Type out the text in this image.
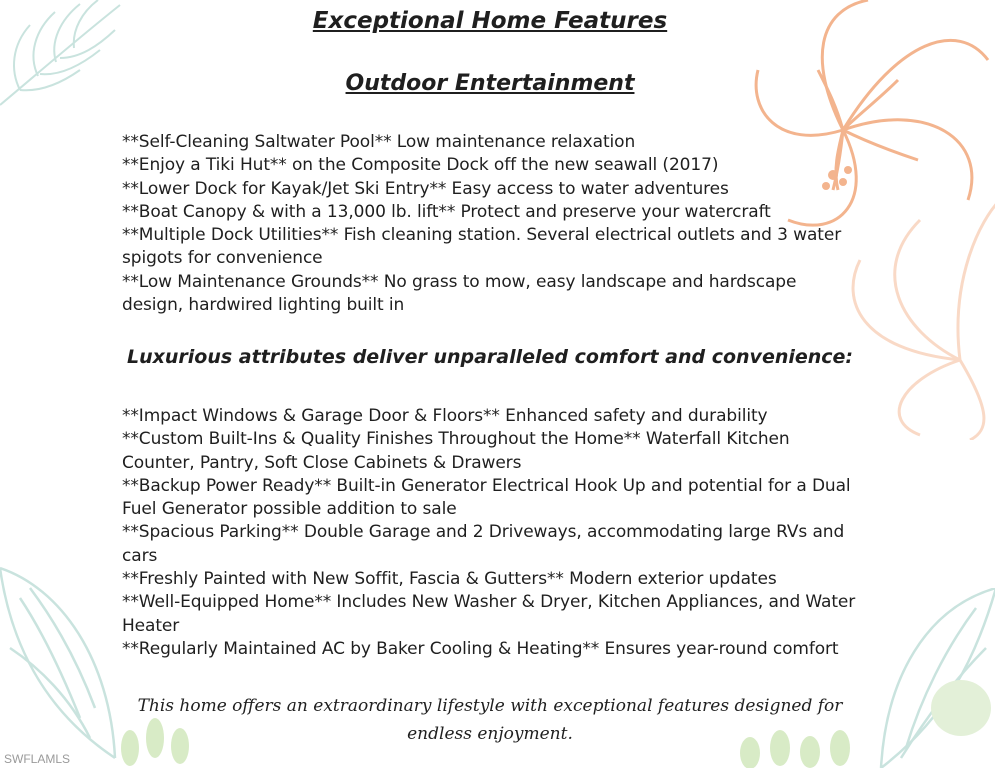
Exceptional Home Features
Outdoor Entertainment
**Self-Cleaning Saltwater Pool** Low maintenance relaxation
**Enjoy a Tiki Hut** on the Composite Dock off the new seawall (2017)
**Lower Dock for Kayak/Jet Ski Entry** Easy access to water adventures
**Boat Canopy & with a 13,000 lb. lift** Protect and preserve your watercraft
**Multiple Dock Utilities** Fish cleaning station. Several electrical outlets and 3 water spigots for convenience
**Low Maintenance Grounds** No grass to mow, easy landscape and hardscape design, hardwired lighting built in
Luxurious attributes deliver unparalleled comfort and convenience:
**Impact Windows & Garage Door & Floors** Enhanced safety and durability
**Custom Built-Ins & Quality Finishes Throughout the Home** Waterfall Kitchen Counter, Pantry, Soft Close Cabinets & Drawers
**Backup Power Ready** Built-in Generator Electrical Hook Up and potential for a Dual Fuel Generator possible addition to sale
**Spacious Parking** Double Garage and 2 Driveways, accommodating large RVs and cars
**Freshly Painted with New Soffit, Fascia & Gutters** Modern exterior updates
**Well-Equipped Home** Includes New Washer & Dryer, Kitchen Appliances, and Water Heater
**Regularly Maintained AC by Baker Cooling & Heating** Ensures year-round comfort
This home offers an extraordinary lifestyle with exceptional features designed for endless enjoyment.
SWFLAMLS
